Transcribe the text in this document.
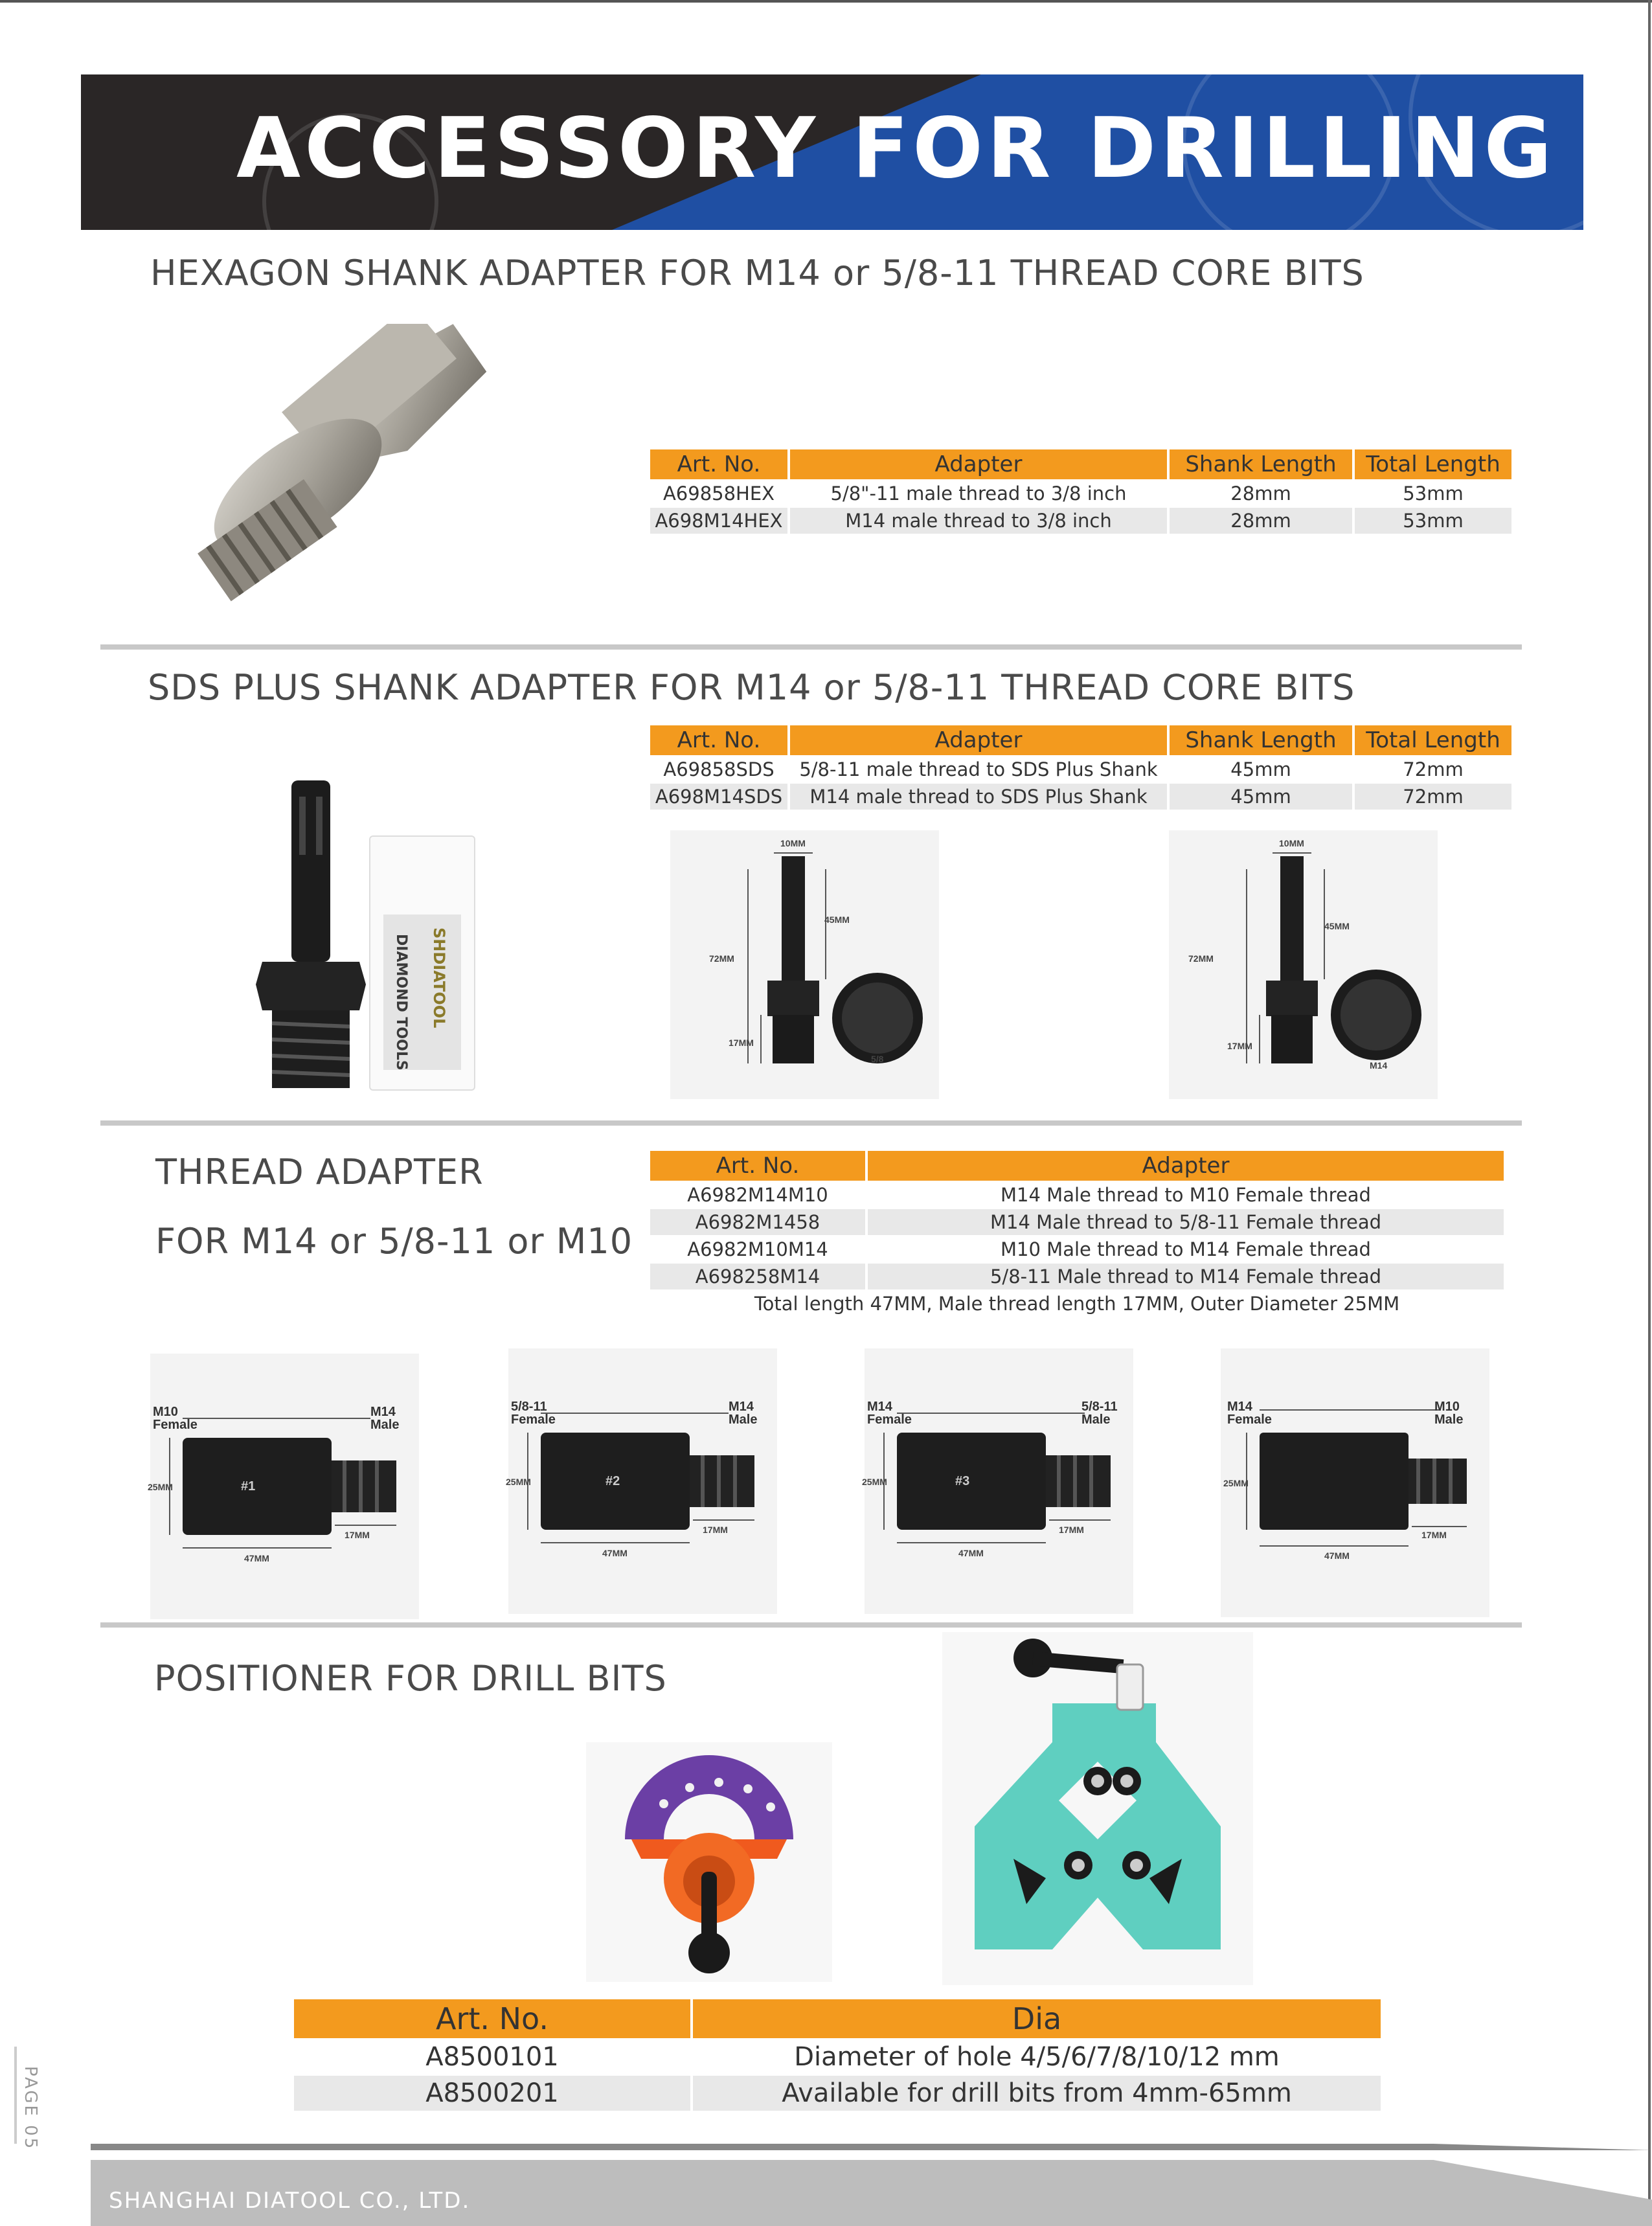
ACCESSORY FOR DRILLING
HEXAGON SHANK ADAPTER FOR M14 or 5/8-11 THREAD CORE BITS
Art. No.	Adapter	Shank Length	Total Length
A69858HEX	5/8"-11 male thread to 3/8 inch	28mm	53mm
A698M14HEX	M14 male thread to 3/8 inch	28mm	53mm
SDS PLUS SHANK ADAPTER FOR M14 or 5/8-11 THREAD CORE BITS
Art. No.	Adapter	Shank Length	Total Length
A69858SDS	5/8-11 male thread to SDS Plus Shank	45mm	72mm
A698M14SDS	M14 male thread to SDS Plus Shank	45mm	72mm
DIAMOND TOOLS SHDIATOOL
10MM
45MM
72MM
17MM
5/8
10MM
45MM
72MM
17MM
M14
THREAD ADAPTER
FOR M14 or 5/8-11 or M10
Art. No.	Adapter
A6982M14M10	M14 Male thread to M10 Female thread
A6982M1458	M14 Male thread to 5/8-11 Female thread
A6982M10M14	M10 Male thread to M14 Female thread
A698258M14	5/8-11 Male thread to M14 Female thread
Total length 47MM, Male thread length 17MM, Outer Diameter 25MM	
M10
Female
M14
Male
#1
25MM
47MM
17MM
5/8-11
Female
M14
Male
#2
25MM
47MM
17MM
M14
Female
5/8-11
Male
#3
25MM
47MM
17MM
M14
Female
M10
Male
25MM
47MM
17MM
POSITIONER FOR DRILL BITS
Art. No.	Dia
A8500101	Diameter of hole 4/5/6/7/8/10/12 mm
A8500201	Available for drill bits from 4mm-65mm
PAGE 05
SHANGHAI DIATOOL CO., LTD.
